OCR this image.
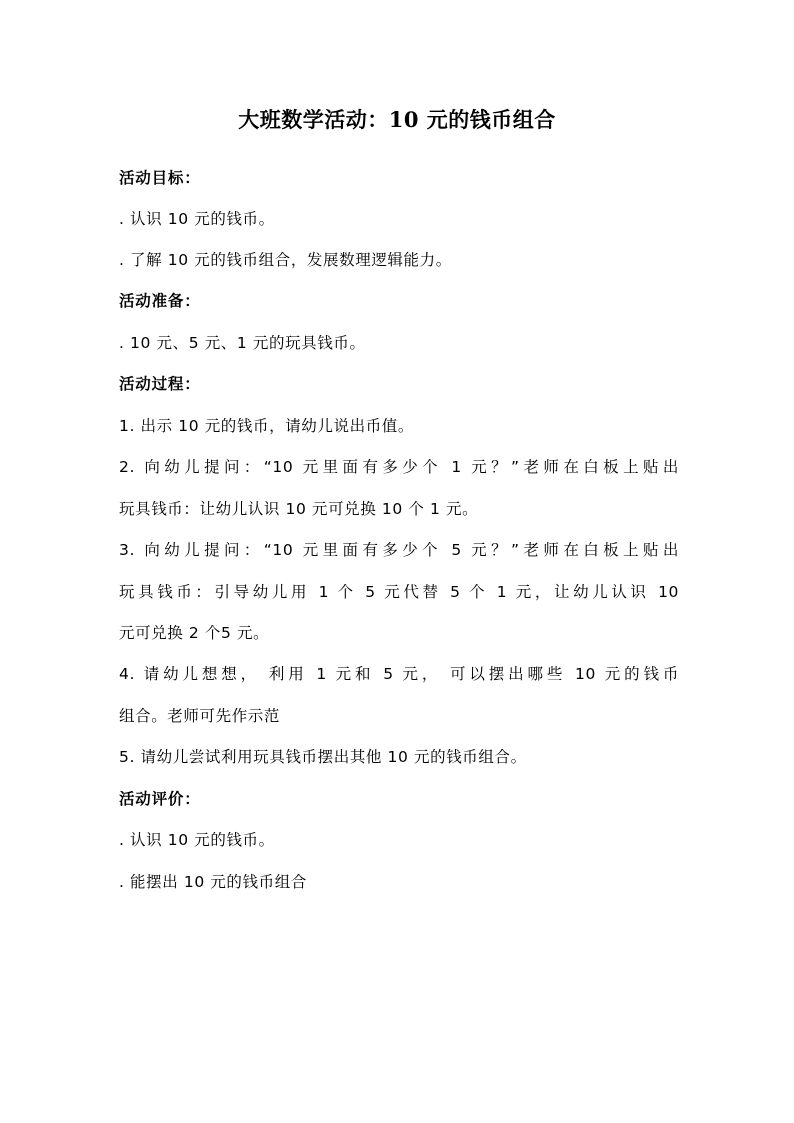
大班数学活动：10 元的钱币组合

活动目标：

. 认识 10 元的钱币。

. 了解 10 元的钱币组合，发展数理逻辑能力。

活动准备：

. 10 元、5 元、1 元的玩具钱币。

活动过程：

1. 出示 10 元的钱币，请幼儿说出币值。

2. 向幼儿提问：“10 元里面有多少个 1 元？”老师在白板上贴出

玩具钱币：让幼儿认识 10 元可兑换 10 个 1 元。

3. 向幼儿提问：“10 元里面有多少个 5 元？”老师在白板上贴出

玩具钱币：引导幼儿用 1 个 5 元代替 5 个 1 元，让幼儿认识 10

元可兑换 2 个5 元。

4. 请幼儿想想， 利用 1 元和 5 元， 可以摆出哪些 10 元的钱币

组合。老师可先作示范

5. 请幼儿尝试利用玩具钱币摆出其他 10 元的钱币组合。

活动评价：

. 认识 10 元的钱币。

. 能摆出 10 元的钱币组合
